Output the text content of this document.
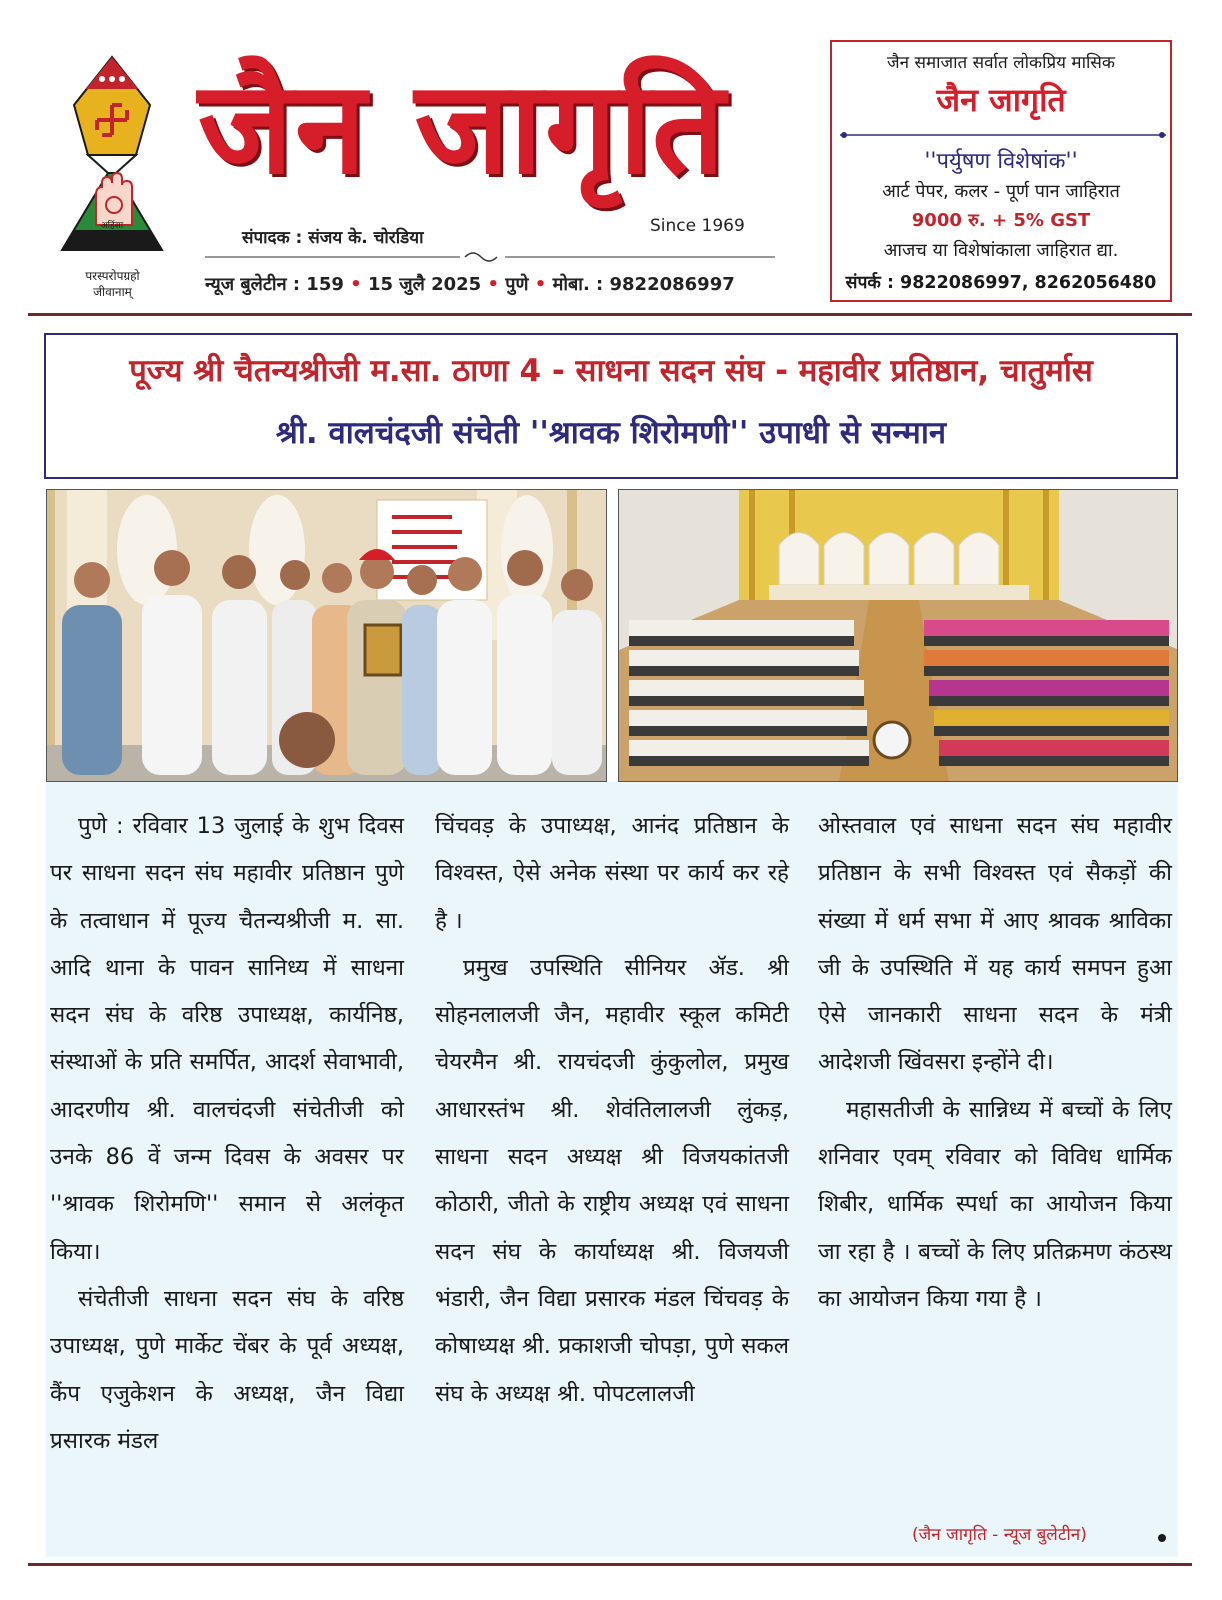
अहिंसा
परस्परोपग्रहो
जीवानाम्
जैन जागृति
Since 1969
संपादक : संजय के. चोरडिया
न्यूज बुलेटीन : 159 • 15 जुलै 2025 • पुणे • मोबा. : 9822086997
जैन समाजात सर्वात लोकप्रिय मासिक
जैन जागृति
''पर्युषण विशेषांक''
आर्ट पेपर, कलर - पूर्ण पान जाहिरात
9000 रु. + 5% GST
आजच या विशेषांकाला जाहिरात द्या.
संपर्क : 9822086997, 8262056480
पूज्य श्री चैतन्यश्रीजी म.सा. ठाणा 4 - साधना सदन संघ - महावीर प्रतिष्ठान, चातुर्मास
श्री. वालचंदजी संचेती ''श्रावक शिरोमणी'' उपाधी से सन्मान

पुणे : रविवार 13 जुलाई के शुभ दिवस पर साधना सदन संघ महावीर प्रतिष्ठान पुणे के तत्वाधान में पूज्य चैतन्यश्रीजी म. सा. आदि थाना के पावन सानिध्य में साधना सदन संघ के वरिष्ठ उपाध्यक्ष, कार्यनिष्ठ, संस्थाओं के प्रति समर्पित, आदर्श सेवाभावी, आदरणीय श्री. वालचंदजी संचेतीजी को उनके 86 वें जन्म दिवस के अवसर पर ''श्रावक शिरोमणि'' समान से अलंकृत किया।

संचेतीजी साधना सदन संघ के वरिष्ठ उपाध्यक्ष, पुणे मार्केट चेंबर के पूर्व अध्यक्ष, कैंप एजुकेशन के अध्यक्ष, जैन विद्या प्रसारक मंडल

चिंचवड़ के उपाध्यक्ष, आनंद प्रतिष्ठान के विश्वस्त, ऐसे अनेक संस्था पर कार्य कर रहे है ।

प्रमुख उपस्थिति सीनियर ॲड. श्री सोहनलालजी जैन, महावीर स्कूल कमिटी चेयरमैन श्री. रायचंदजी कुंकुलोल, प्रमुख आधारस्तंभ श्री. शेवंतिलालजी लुंकड़, साधना सदन अध्यक्ष श्री विजयकांतजी कोठारी, जीतो के राष्ट्रीय अध्यक्ष एवं साधना सदन संघ के कार्याध्यक्ष श्री. विजयजी भंडारी, जैन विद्या प्रसारक मंडल चिंचवड़ के कोषाध्यक्ष श्री. प्रकाशजी चोपड़ा, पुणे सकल संघ के अध्यक्ष श्री. पोपटलालजी

ओस्तवाल एवं साधना सदन संघ महावीर प्रतिष्ठान के सभी विश्वस्त एवं सैकड़ों की संख्या में धर्म सभा में आए श्रावक श्राविका जी के उपस्थिति में यह कार्य समपन हुआ ऐसे जानकारी साधना सदन के मंत्री आदेशजी खिंवसरा इन्होंने दी।

महासतीजी के सान्निध्य में बच्चों के लिए शनिवार एवम् रविवार को विविध धार्मिक शिबीर, धार्मिक स्पर्धा का आयोजन किया जा रहा है । बच्चों के लिए प्रतिक्रमण कंठस्थ का आयोजन किया गया है ।

(जैन जागृति - न्यूज बुलेटीन)
